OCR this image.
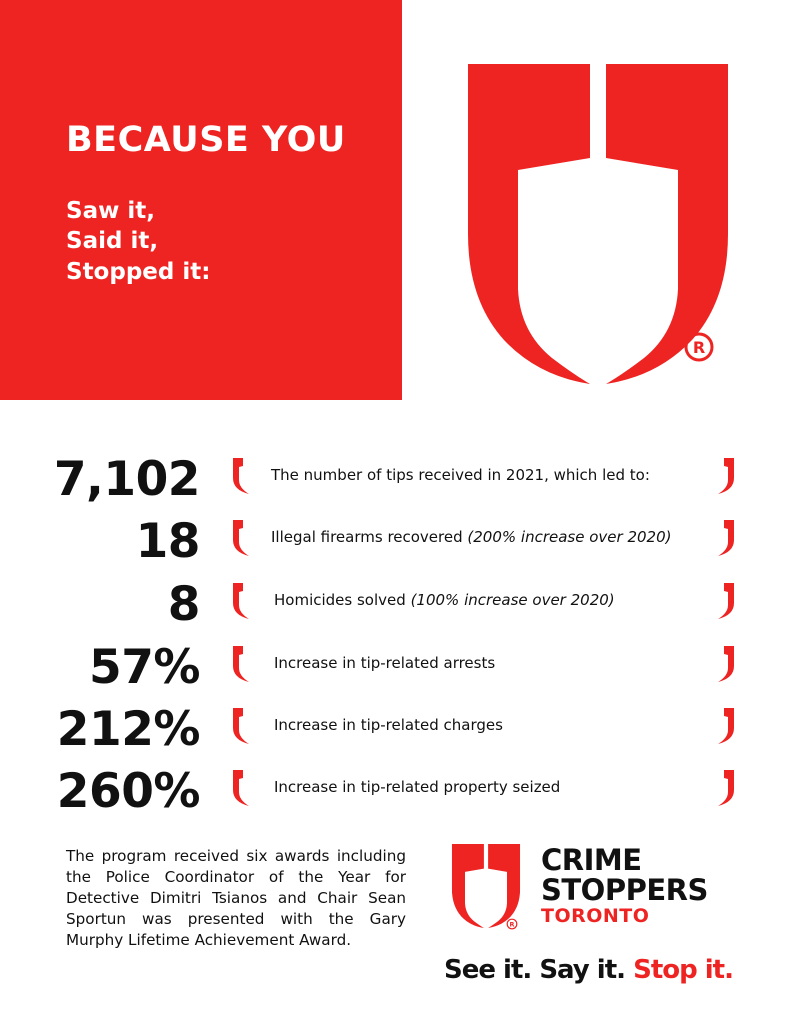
BECAUSE YOU
Saw it,
Said it,
Stopped it:
R
7,102	The number of tips received in 2021, which led to:
18	Illegal firearms recovered (200% increase over 2020)
8	Homicides solved (100% increase over 2020)
57%	Increase in tip-related arrests
212%	Increase in tip-related charges
260%	Increase in tip-related property seized
The program received six awards including the Police Coordinator of the Year for Detective Dimitri Tsianos and Chair Sean Sportun was presented with the Gary Murphy Lifetime Achievement Award.
R
CRIME
STOPPERS
TORONTO
See it. Say it. Stop it.
